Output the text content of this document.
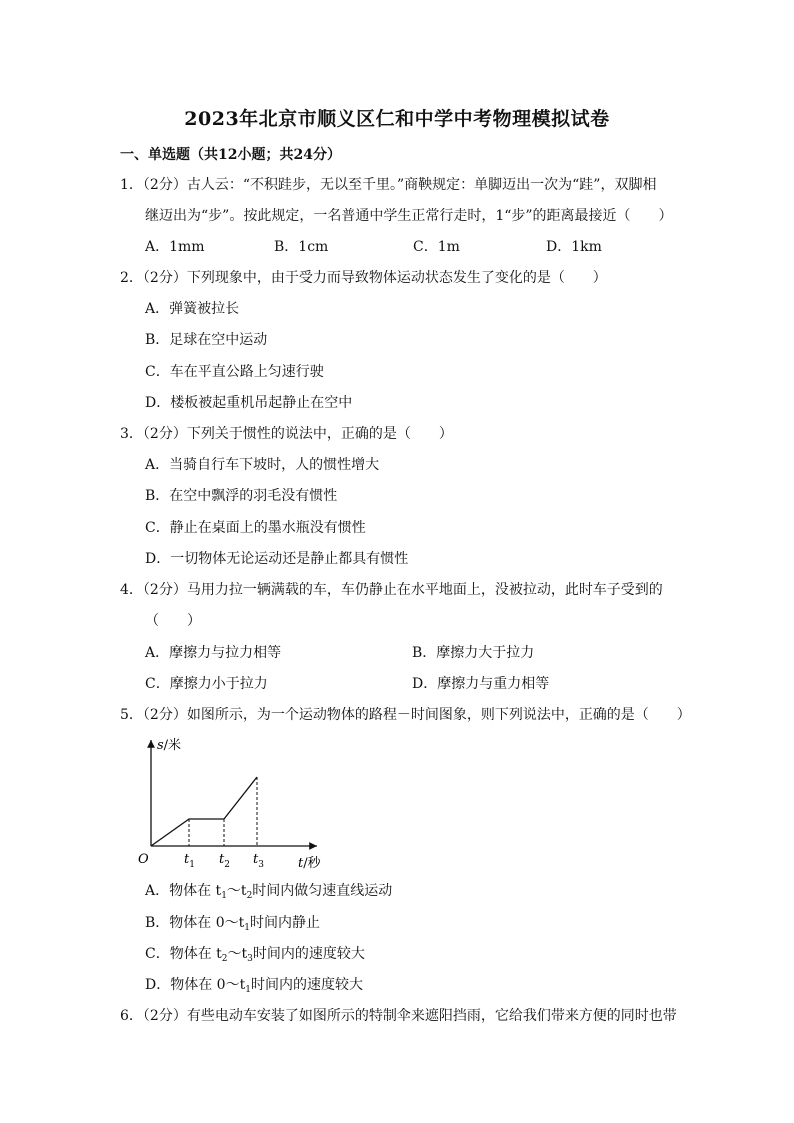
2023年北京市顺义区仁和中学中考物理模拟试卷
一、单选题（共12小题；共24分）
1．（2分）古人云：“不积跬步，无以至千里。”商鞅规定：单脚迈出一次为“跬”，双脚相
继迈出为“步”。按此规定，一名普通中学生正常行走时，1“步”的距离最接近（　　）
A．1mm	B．1cm	C．1m	D．1km
2．（2分）下列现象中，由于受力而导致物体运动状态发生了变化的是（　　）
A．弹簧被拉长
B．足球在空中运动
C．车在平直公路上匀速行驶
D．楼板被起重机吊起静止在空中
3．（2分）下列关于惯性的说法中，正确的是（　　）
A．当骑自行车下坡时，人的惯性增大
B．在空中飘浮的羽毛没有惯性
C．静止在桌面上的墨水瓶没有惯性
D．一切物体无论运动还是静止都具有惯性
4．（2分）马用力拉一辆满载的车，车仍静止在水平地面上，没被拉动，此时车子受到的
（　　）
A．摩擦力与拉力相等	B．摩擦力大于拉力
C．摩擦力小于拉力	D．摩擦力与重力相等
5．（2分）如图所示，为一个运动物体的路程－时间图象，则下列说法中，正确的是（　　）
s/米
t/秒
O	$t_1$ $t_2$ $t_3$
A．物体在 $t_1\sim t_2$时间内做匀速直线运动
B．物体在 $0\sim t_1$时间内静止
C．物体在 $t_2\sim t_3$时间内的速度较大
D．物体在 $0\sim t_1$时间内的速度较大
6．（2分）有些电动车安装了如图所示的特制伞来遮阳挡雨，它给我们带来方便的同时也带
